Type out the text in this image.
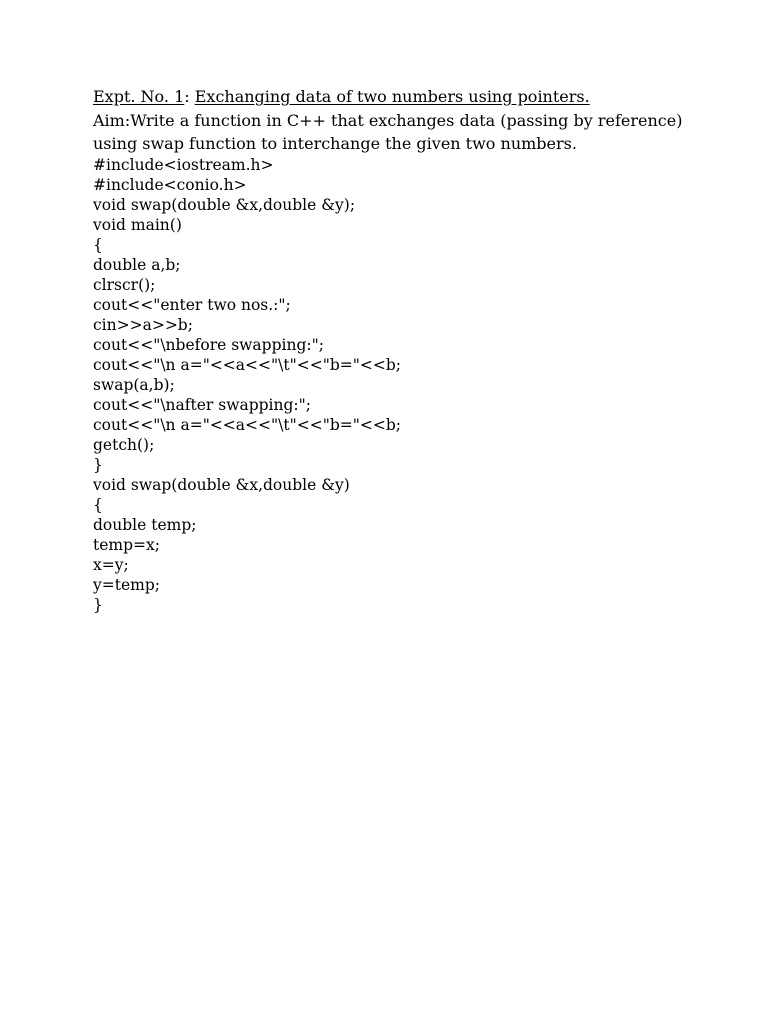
Expt. No. 1: Exchanging data of two numbers using pointers.
Aim:Write a function in C++ that exchanges data (passing by reference)
using swap function to interchange the given two numbers.
#include<iostream.h>
#include<conio.h>
void swap(double &x,double &y);
void main()
{
double a,b;
clrscr();
cout<<"enter two nos.:";
cin>>a>>b;
cout<<"\nbefore swapping:";
cout<<"\n a="<<a<<"\t"<<"b="<<b;
swap(a,b);
cout<<"\nafter swapping:";
cout<<"\n a="<<a<<"\t"<<"b="<<b;
getch();
}
void swap(double &x,double &y)
{
double temp;
temp=x;
x=y;
y=temp;
}
